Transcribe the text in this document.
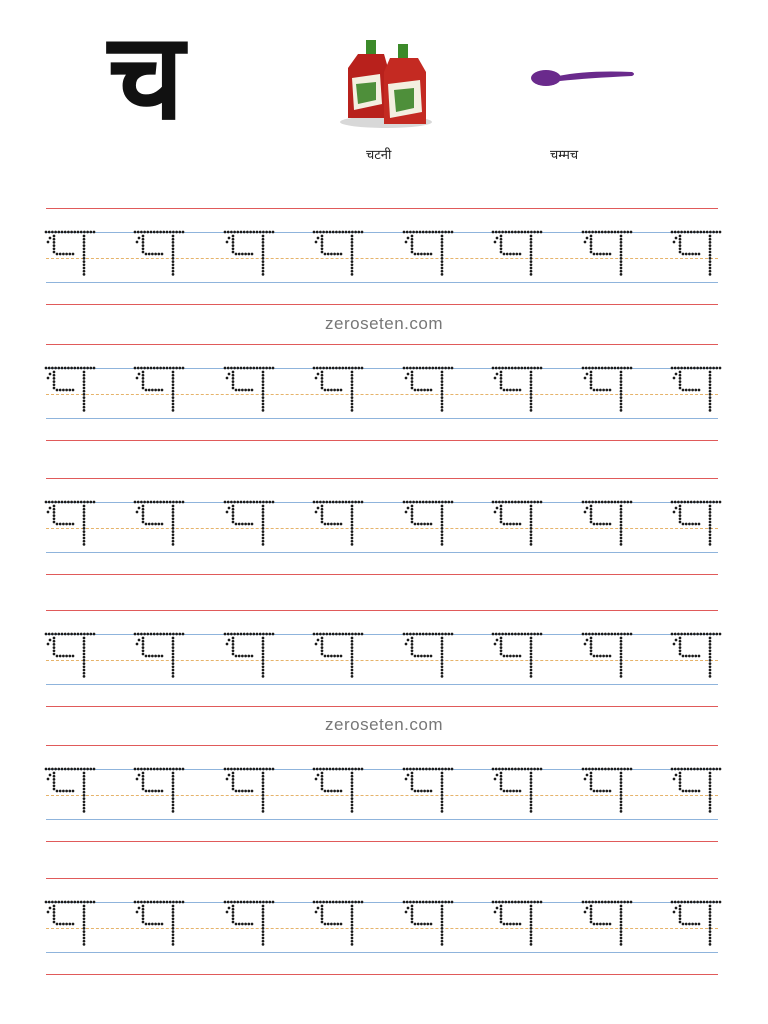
च
चटनी	चम्मच
zeroseten.com
zeroseten.com
